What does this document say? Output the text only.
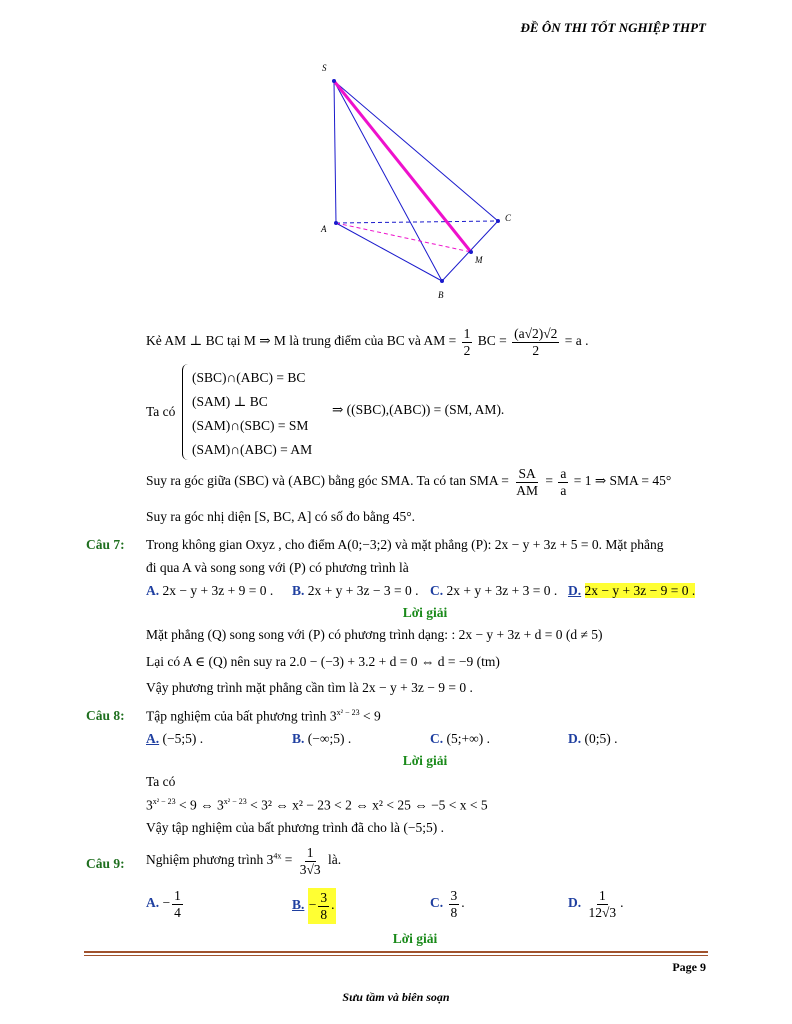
ĐỀ ÔN THI TỐT NGHIỆP THPT
S
A
B
C
M
Kẻ AM ⊥ BC tại M ⇒ M là trung điểm của BC và AM = $\frac{1}{2}$ BC = $\frac{(a√2)√2}{2} = a$ .
Ta có
(SBC)∩(ABC) = BC
(SAM) ⊥ BC
(SAM)∩(SBC) = SM
(SAM)∩(ABC) = AM
⇒ ((SBC),(ABC)) = (SM, AM).
Suy ra góc giữa (SBC) và (ABC) bằng góc SMA. Ta có tan SMA = $\frac{SA}{AM} = \frac{a}{a} = 1$ ⇒ SMA = 45°
Suy ra góc nhị diện [S, BC, A] có số đo bằng 45°.
Câu 7: Trong không gian Oxyz , cho điểm A(0;−3;2) và mặt phẳng (P): 2x − y + 3z + 5 = 0. Mặt phẳng
đi qua A và song song với (P) có phương trình là
A. 2x − y + 3z + 9 = 0 . B. 2x + y + 3z − 3 = 0 . C. 2x + y + 3z + 3 = 0 . D. 2x − y + 3z − 9 = 0 .
Lời giải
Mặt phẳng (Q) song song với (P) có phương trình dạng: : 2x − y + 3z + d = 0 (d ≠ 5)
Lại có A ∈ (Q) nên suy ra 2.0 − (−3) + 3.2 + d = 0 ⇔ d = −9 (tm)
Vậy phương trình mặt phẳng cần tìm là 2x − y + 3z − 9 = 0 .
Câu 8: Tập nghiệm của bất phương trình $3^{x^2 - 23} < 9$
A. (−5;5) .	B. (−∞;5) .	C. (5;+∞) .	D. (0;5) .
Lời giải
Ta có
$3^{x^2 - 23} < 9$ ⇔ $3^{x^2 - 23} < 3^2$ ⇔ x² − 23 < 2 ⇔ x² < 25 ⇔ −5 < x < 5
Vậy tập nghiệm của bất phương trình đã cho là (−5;5) .
Câu 9: Nghiệm phương trình $3^{4x} = \frac{1}{3√3}$ là.
A. − $\frac{1}{4}$	B. − $\frac{3}{8}$ .	C. $\frac{3}{8}$ .	D. $\frac{1}{12√3}$ .
Lời giải
Page 9
Sưu tầm và biên soạn
